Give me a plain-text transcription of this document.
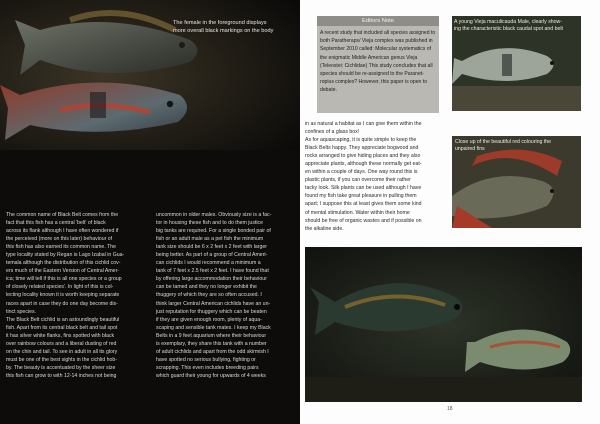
The female in the foreground displays
more overall black markings on the body
The common name of Black Belt comes from the
fact that this fish has a central 'belt' of black
across its flank although I have often wondered if
the perceived (more on this later) behaviour of
this fish has also earned its common name. The
type locality stated by Regan is Lago Izabal in Gua-
temala although the distribution of this cichlid cov-
ers much of the Eastern Version of Central Amer-
ica; time will tell if this is all one species or a group
of closely related species'. In light of this is col-
lecting locality known it is worth keeping separate
races apart in case they do one day become dis-
tinct species.
The Black Belt cichlid is an astoundingly beautiful
fish. Apart from its central black belt and tail spot
it has silver white flanks, fins spotted with black
over rainbow colours and a liberal dusting of red
on the chin and tail. To see in adult in all its glory
must be one of the best sights in the cichlid hob-
by. The beauty is accentuated by the sheer size
this fish can grow to with 12-14 inches not being
uncommon in older males. Obviously size is a fac-
tor in housing these fish and to do them justice
big tanks are required. For a single bonded pair of
fish or an adult male as a pet fish the minimum
tank size should be 6 x 2 feet x 2 feet with larger
being better. As part of a group of Central Ameri-
can cichlids I would recommend a minimum a
tank of 7 feet x 2.5 feet x 2 feet. I have found that
by offering large accommodation their behaviour
can be tamed and they no longer exhibit the
thuggery of which they are so often accused. I
think larger Central American cichlids have an un-
just reputation for thuggery which can be beaten
if they are given enough room, plenty of aqua-
scaping and sensible tank mates. I keep my Black
Belts in a 9 feet aquarium where their behaviour
is exemplary, they share this tank with a number
of adult cichlids and apart from the odd skirmish I
have spotted no serious bullying, fighting or
scrapping. This even includes breeding pairs
which guard their young for upwards of 4 weeks
A young Vieja maculicauda Male, clearly show-
ing the characteristic black caudal spot and belt
Close up of the beautiful red colouring the
unpaired fins
Editors Note
A recent study that included all species assigned to
both Paratheraps/ Vieja complex was published in
September 2010 called: Molecular systematics of
the enigmatic Middle American genus Vieja
(Teleostei: Cichlidae) This study concludes that all
species should be re-assigned to the Paranet-
ropius complex? However, this paper is open to
debate.
in as natural a habitat as I can give them within the
confines of a glass box!
As for aquascaping, it is quite simple to keep the
Black Belts happy. They appreciate bogwood and
rocks arranged to give hiding places and they also
appreciate plants, although these normally get eat-
en within a couple of days. One way round this is
plastic plants, if you can overcome their rather
tacky look. Silk plants can be used although I have
found my fish take great pleasure in pulling them
apart; I suppose this at least gives them some kind
of mental stimulation. Water within their home
should be free of organic wastes and if possible on
the alkaline side.
18
